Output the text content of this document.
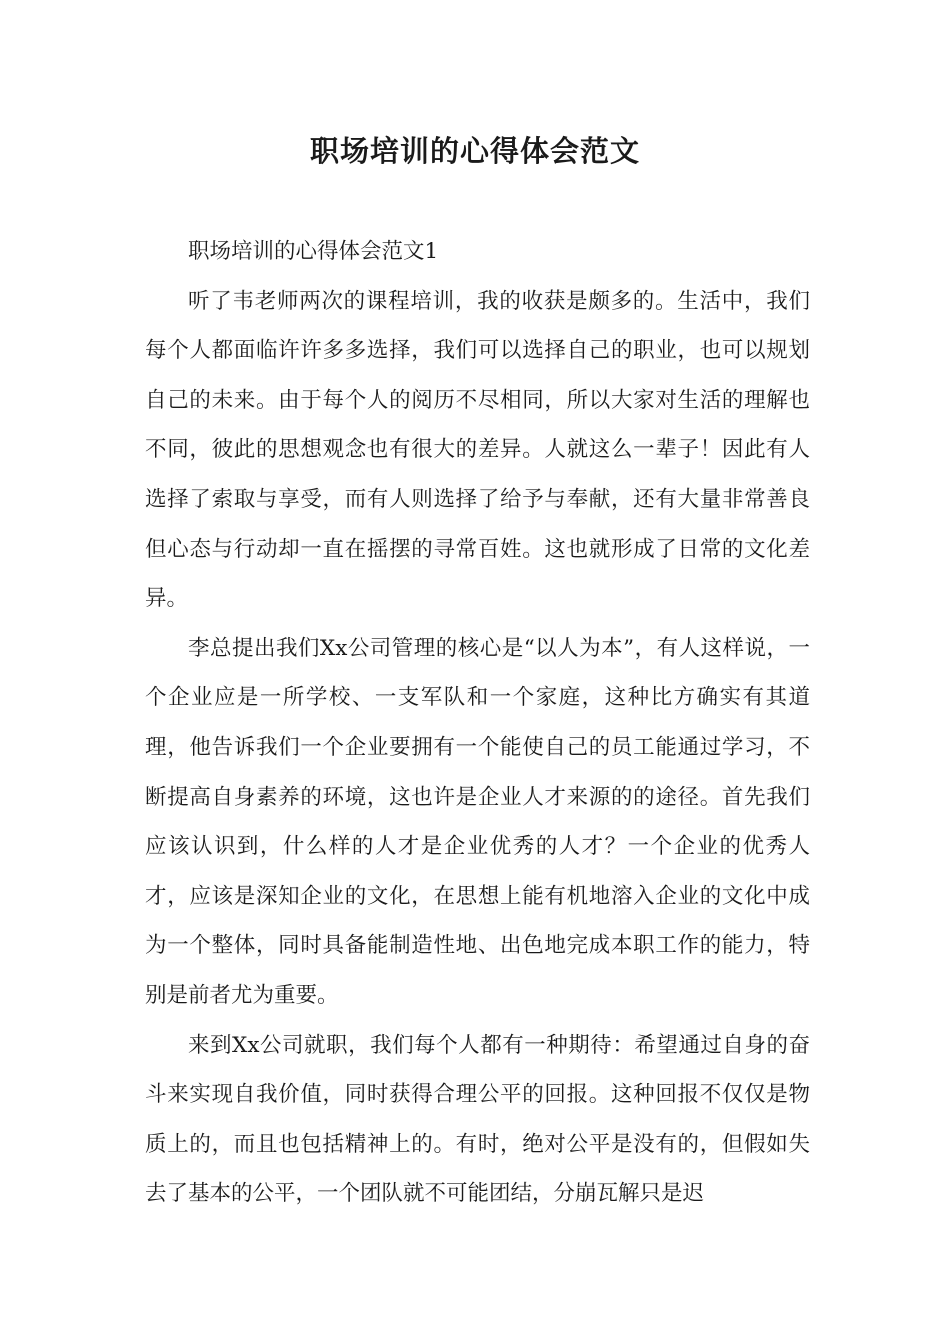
职场培训的心得体会范文

职场培训的心得体会范文1

听了韦老师两次的课程培训，我的收获是颇多的。生活中，我们每个人都面临许许多多选择，我们可以选择自己的职业，也可以规划自己的未来。由于每个人的阅历不尽相同，所以大家对生活的理解也不同，彼此的思想观念也有很大的差异。人就这么一辈子！因此有人选择了索取与享受，而有人则选择了给予与奉献，还有大量非常善良但心态与行动却一直在摇摆的寻常百姓。这也就形成了日常的文化差异。

李总提出我们Xx公司管理的核心是“以人为本”，有人这样说，一个企业应是一所学校、一支军队和一个家庭，这种比方确实有其道理，他告诉我们一个企业要拥有一个能使自己的员工能通过学习，不断提高自身素养的环境，这也许是企业人才来源的的途径。首先我们应该认识到，什么样的人才是企业优秀的人才？一个企业的优秀人才，应该是深知企业的文化，在思想上能有机地溶入企业的文化中成为一个整体，同时具备能制造性地、出色地完成本职工作的能力，特别是前者尤为重要。

来到Xx公司就职，我们每个人都有一种期待：希望通过自身的奋斗来实现自我价值，同时获得合理公平的回报。这种回报不仅仅是物质上的，而且也包括精神上的。有时，绝对公平是没有的，但假如失去了基本的公平，一个团队就不可能团结，分崩瓦解只是迟
